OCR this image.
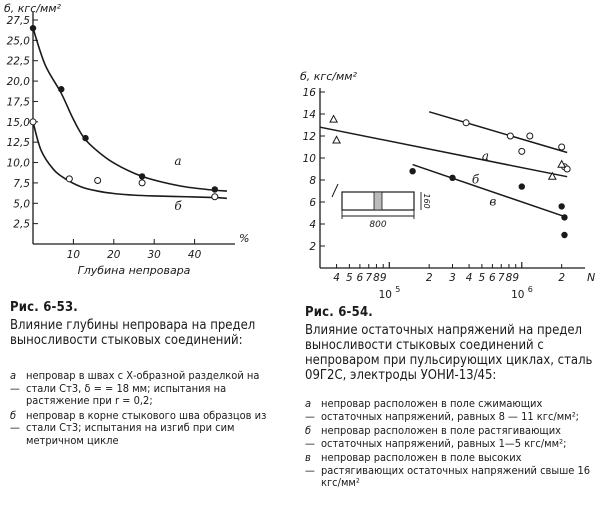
2,5
5,0
7,5
10,0
12,5
15,0
17,5
20,0
22,5
25,0
27,5
10	20	30	40
%
б, кгс/мм²
Глубина непровара
а
б
2
4
6
8
10
12
14
16
4 5 6 7 8 9	2 3 4 5 6 7 8 9	2
10 5	10 6
N
б, кгс/мм²
800
160
а
б
в
Рис. 6-53.
Влияние глубины непровара на предел выносливости стыковых соединений:
а —
непровар в швах с Х-образной разделкой на стали Ст3, δ = = 18 мм; испытания на растяжение при r = 0,2;
б —
непровар в корне стыкового шва образцов из стали Ст3; испытания на изгиб при сим метричном цикле
Рис. 6-54.
Влияние остаточных напряжений на предел выносливости стыковых соединений с непроваром при пульсирующих циклах, сталь 09Г2С, электроды УОНИ-13/45:
а —
непровар расположен в поле сжимающих остаточных напряжений, равных 8 — 11 кгс/мм²;
б —
непровар расположен в поле растягивающих остаточных напряжений, равных 1—5 кгс/мм²;
в —
непровар расположен в поле высоких растягивающих остаточных напряжений свыше 16 кгс/мм²
